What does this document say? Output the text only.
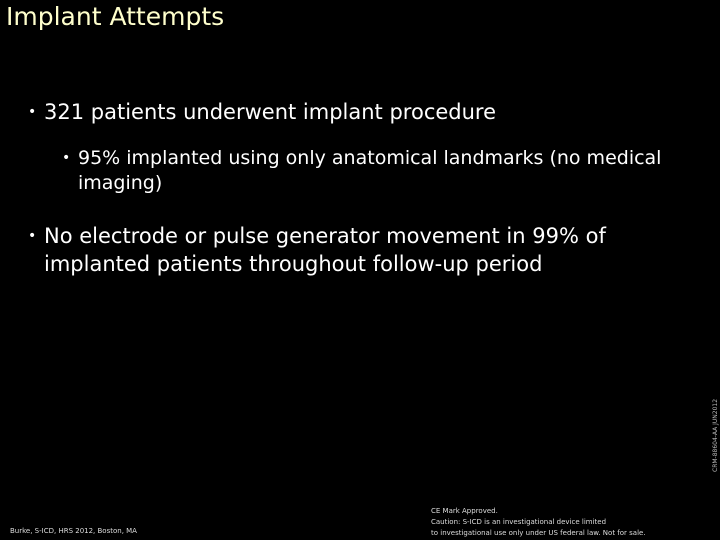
Implant Attempts
• 321 patients underwent implant procedure
• 95% implanted using only anatomical landmarks (no medical imaging)
• No electrode or pulse generator movement in 99% of implanted patients throughout follow-up period
CRM-88604-AA JUN2012
Burke, S-ICD, HRS 2012, Boston, MA
CE Mark Approved.
Caution: S-ICD is an investigational device limited
to investigational use only under US federal law. Not for sale.
